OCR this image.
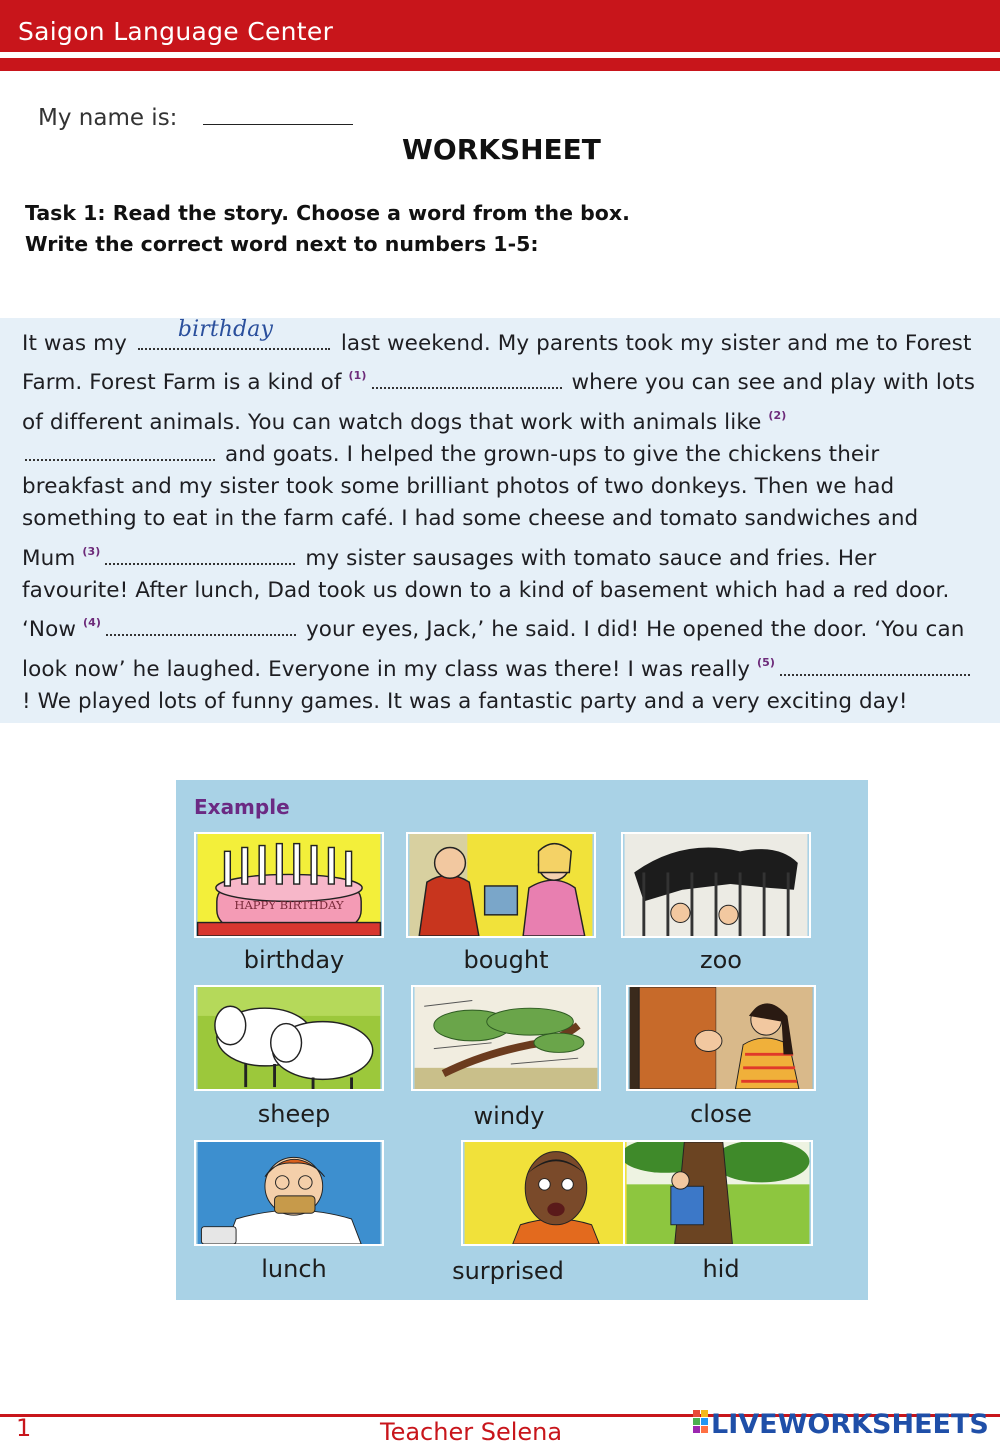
Saigon Language Center
My name is:
WORKSHEET
Task 1: Read the story. Choose a word from the box.
Write the correct word next to numbers 1-5:

It was my
birthday
last weekend. My parents took my sister and me to Forest Farm. Forest Farm is a kind of $^{(1)}$	where you can see and play with lots of different animals. You can watch dogs that work with animals like $^{(2)}$ and goats. I helped the grown-ups to give the chickens their breakfast and my sister took some brilliant photos of two donkeys. Then we had something to eat in the farm café. I had some cheese and tomato sandwiches and Mum $^{(3)}$	my sister sausages with tomato sauce and fries. Her favourite! After lunch, Dad took us down to a kind of basement which had a red door. ‘Now $^{(4)}$	your eyes, Jack,’ he said. I did! He opened the door. ‘You can look now’ he laughed. Everyone in my class was there! I was really $^{(5)}$! We played lots of funny games. It was a fantastic party and a very exciting day!

Example
HAPPY BIRTHDAY
birthday	bought	zoo
sheep	windy	close
lunch	surprised	hid
1	Teacher Selena	LIVEWORKSHEETS
